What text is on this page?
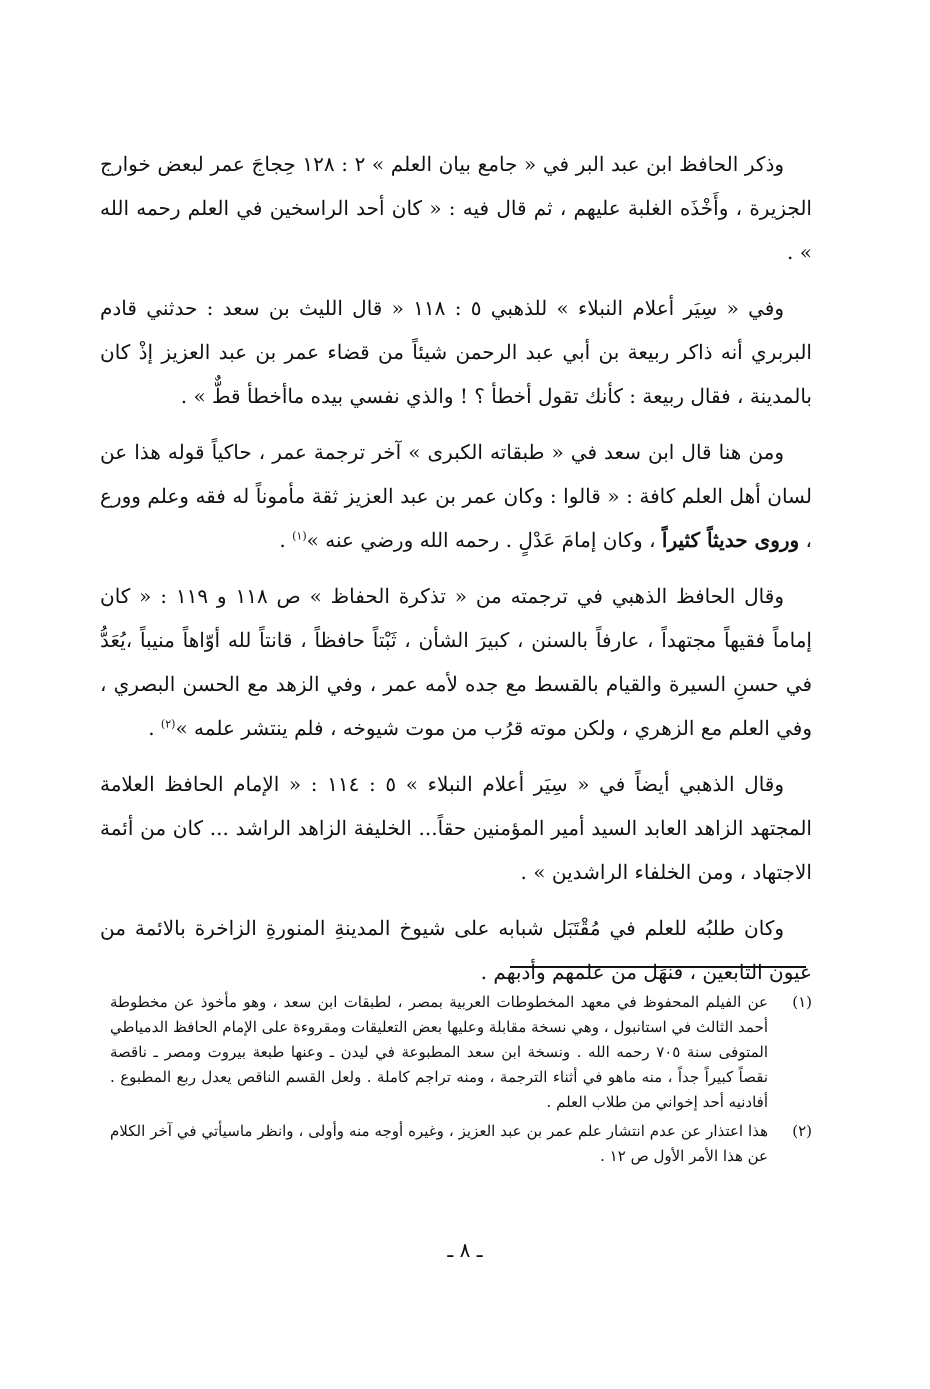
وذكر الحافظ ابن عبد البر في « جامع بيان العلم » ٢ : ١٢٨ حِجاجَ عمر لبعض خوارج الجزيرة ، وأَخْذَه الغلبة عليهم ، ثم قال فيه : « كان أحد الراسخين في العلم رحمه الله » .

وفي « سِيَر أعلام النبلاء » للذهبي ٥ : ١١٨ « قال الليث بن سعد : حدثني قادم البربري أنه ذاكر ربيعة بن أبي عبد الرحمن شيئاً من قضاء عمر بن عبد العزيز إذْ كان بالمدينة ، فقال ربيعة : كأنك تقول أخطأ ؟ ! والذي نفسي بيده ماأخطأ قطٌّ » .

ومن هنا قال ابن سعد في « طبقاته الكبرى » آخر ترجمة عمر ، حاكياً قوله هذا عن لسان أهل العلم كافة : « قالوا : وكان عمر بن عبد العزيز ثقة مأموناً له فقه وعلم وورع ، وروى حديثاً كثيراً ، وكان إمامَ عَدْلٍ . رحمه الله ورضي عنه »$^{(١)}$ .

وقال الحافظ الذهبي في ترجمته من « تذكرة الحفاظ » ص ١١٨ و ١١٩ : « كان إماماً فقيهاً مجتهداً ، عارفاً بالسنن ، كبيرَ الشأن ، ثَبْتاً حافظاً ، قانتاً لله أوّاهاً منيباً ،يُعَدُّ في حسنِ السيرة والقيام بالقسط مع جده لأمه عمر ، وفي الزهد مع الحسن البصري ، وفي العلم مع الزهري ، ولكن موته قرُب من موت شيوخه ، فلم ينتشر علمه »$^{(٢)}$ .

وقال الذهبي أيضاً في « سِيَر أعلام النبلاء » ٥ : ١١٤ : « الإمام الحافظ العلامة المجتهد الزاهد العابد السيد أمير المؤمنين حقاً... الخليفة الزاهد الراشد ... كان من أئمة الاجتهاد ، ومن الخلفاء الراشدين » .

وكان طلبُه للعلم في مُقْتَبَل شبابه على شيوخ المدينةِ المنورةِ الزاخرة بالائمة من عيون التابعين ، فنهَل من علمهم وأدبهم .

(١)
عن الفيلم المحفوظ في معهد المخطوطات العربية بمصر ، لطبقات ابن سعد ، وهو مأخوذ عن مخطوطة أحمد الثالث في استانبول ، وهي نسخة مقابلة وعليها بعض التعليقات ومقروءة على الإمام الحافظ الدمياطي المتوفى سنة ٧٠٥ رحمه الله . ونسخة ابن سعد المطبوعة في ليدن ـ وعنها طبعة بيروت ومصر ـ ناقصة نقصاً كبيراً جداً ، منه ماهو في أثناء الترجمة ، ومنه تراجم كاملة . ولعل القسم الناقص يعدل ربع المطبوع . أفادنيه أحد إخواني من طلاب العلم .
(٢)
هذا اعتذار عن عدم انتشار علم عمر بن عبد العزيز ، وغيره أوجه منه وأولى ، وانظر ماسيأتي في آخر الكلام عن هذا الأمر الأول ص ١٢ .
ـ ٨ ـ
